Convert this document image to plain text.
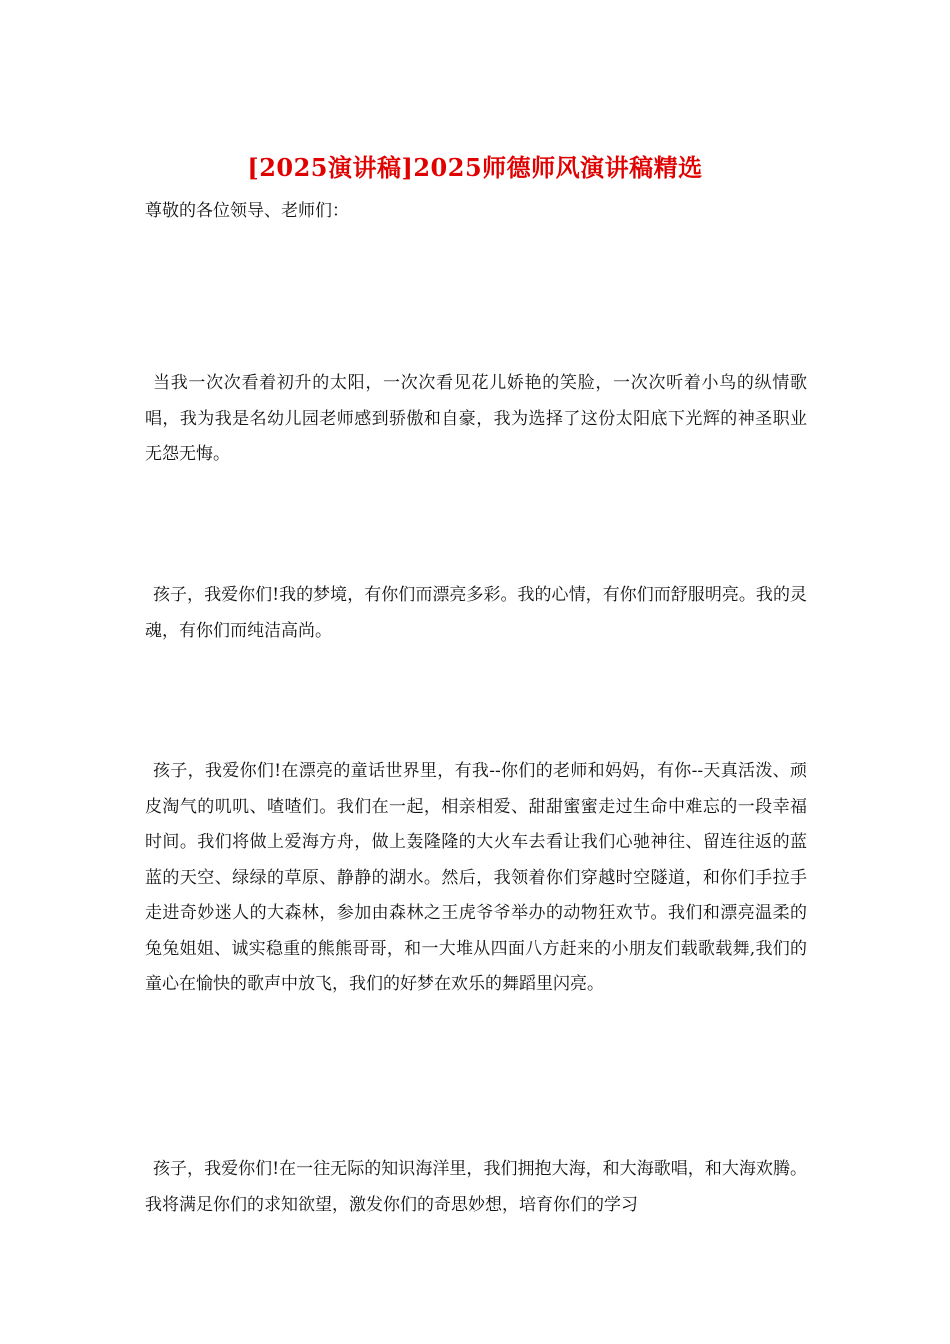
[2025演讲稿]2025师德师风演讲稿精选
尊敬的各位领导、老师们：

当我一次次看着初升的太阳，一次次看见花儿娇艳的笑脸，一次次听着小鸟的纵情歌唱，我为我是名幼儿园老师感到骄傲和自豪，我为选择了这份太阳底下光辉的神圣职业无怨无悔。

孩子，我爱你们!我的梦境，有你们而漂亮多彩。我的心情，有你们而舒服明亮。我的灵魂，有你们而纯洁高尚。

孩子，我爱你们!在漂亮的童话世界里，有我--你们的老师和妈妈，有你--天真活泼、顽皮淘气的叽叽、喳喳们。我们在一起，相亲相爱、甜甜蜜蜜走过生命中难忘的一段幸福时间。我们将做上爱海方舟，做上轰隆隆的大火车去看让我们心驰神往、留连往返的蓝蓝的天空、绿绿的草原、静静的湖水。然后，我领着你们穿越时空隧道，和你们手拉手走进奇妙迷人的大森林，参加由森林之王虎爷爷举办的动物狂欢节。我们和漂亮温柔的兔兔姐姐、诚实稳重的熊熊哥哥，和一大堆从四面八方赶来的小朋友们载歌载舞,我们的童心在愉快的歌声中放飞，我们的好梦在欢乐的舞蹈里闪亮。

孩子，我爱你们!在一往无际的知识海洋里，我们拥抱大海，和大海歌唱，和大海欢腾。我将满足你们的求知欲望，激发你们的奇思妙想，培育你们的学习
